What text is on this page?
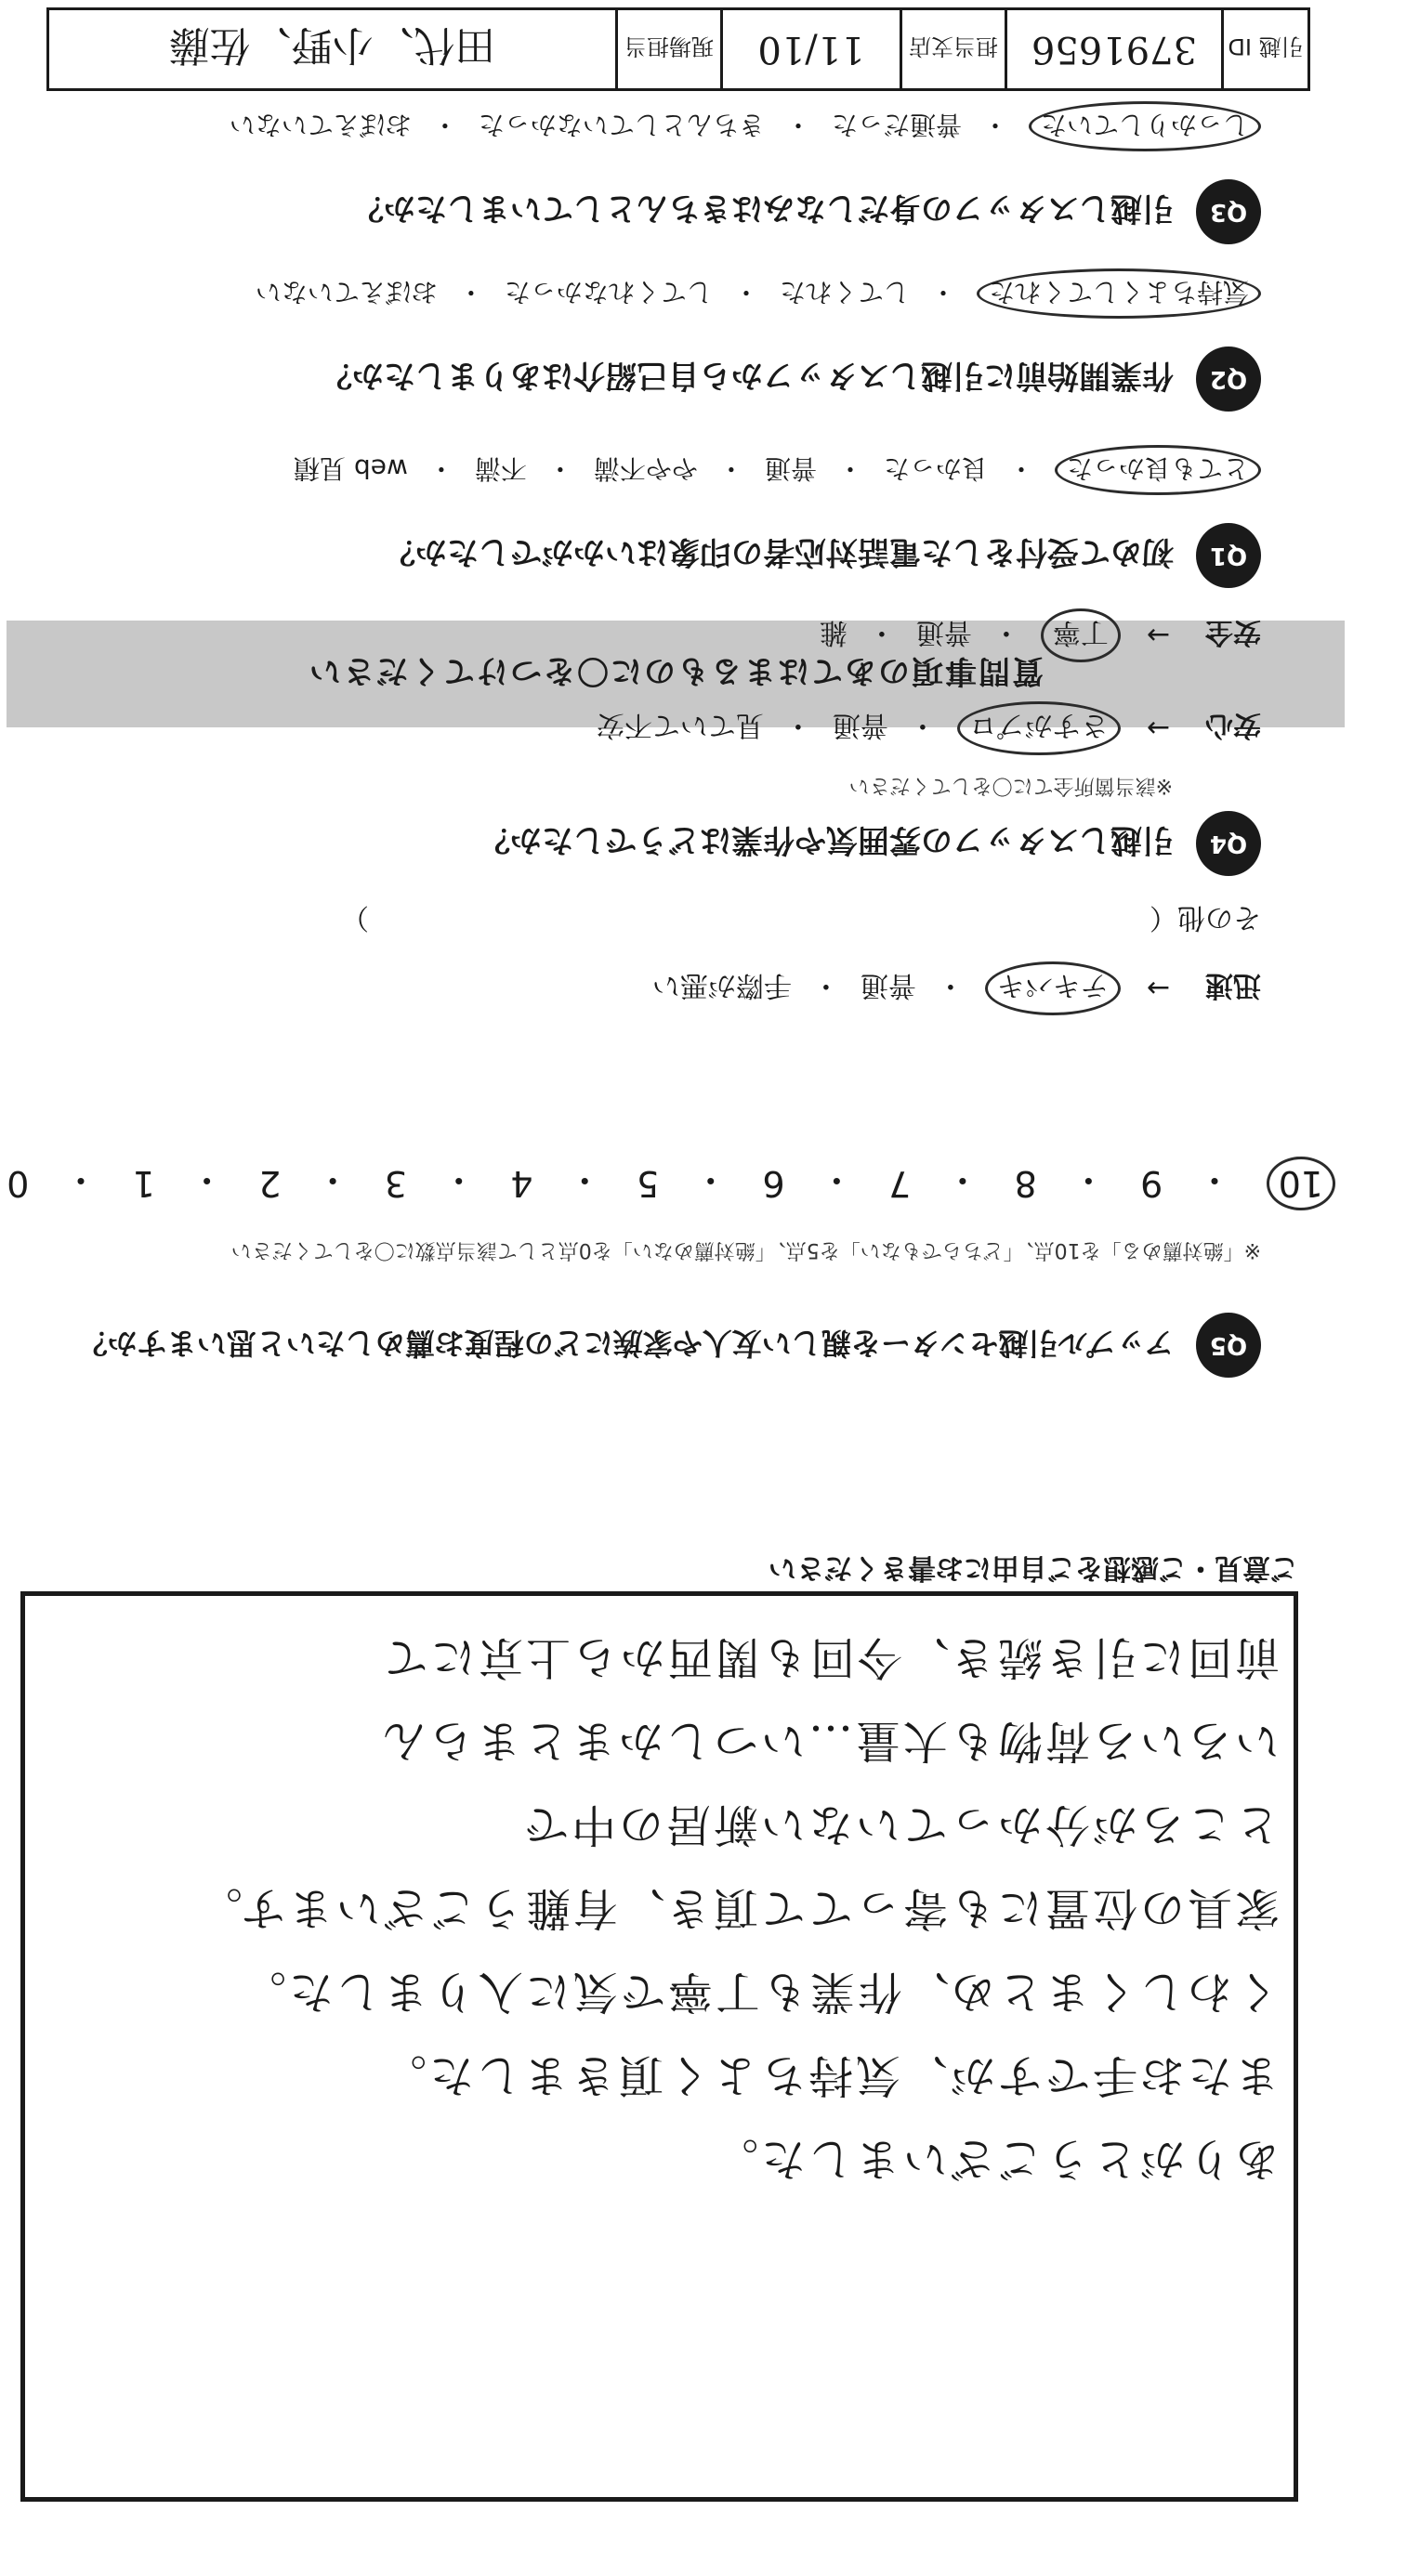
質問事項のあてはまるものに〇をつけてください
Q1
初めて受付をした電話対応者の印象はいかがでしたか？
とても良かった
・
良かった
・
普通
・
やや不満
・
不満
・
web 見積
Q2
作業開始前に引越しスタッフから自己紹介はありましたか？
気持ちよくしてくれた
・
してくれた
・
してくれなかった
・
おぼえていない
Q3
引越しスタッフの身だしなみはきちんとしていましたか？
しっかりしていた
・
普通だった
・
きちんとしていなかった
・
おぼえていない
Q4
引越しスタッフの雰囲気や作業はどうでしたか？
※該当箇所全てに〇をしてください
安心
→
さすがプロ
・
普通
・
見ていて不安
安全
→
丁寧
・
普通
・
雑
迅速
→
テキパキ
・
普通
・
手際が悪い
その他（　　　　　　　　　　　　　　　　　　　　　　　　　　　　）
Q5
アップル引越センターを親しい友人や家族にどの程度お薦めしたいと思いますか？
※「絶対薦める」を10点、「どちらでもない」を5点、「絶対薦めない」を0点として該当点数に〇をしてください
10
・
9
・
8
・
7
・
6
・
5
・
4
・
3
・
2
・
1
・
0
ご意見・ご感想をご自由にお書きください
前回に引き続き、今回も関西から上京にて
いろいろ荷物も大量…いつしかまとまらん
ところが分かっていない新居の中で
家具の位置にも寄ってて頂き、有難うございます。
くわしくまとめ、作業も丁寧で気に入りました。
またお手ですが、気持ちよく頂きました。
ありがとうございました。
引越 ID
3791656
担当支店
11/10
現場担当
田代、小野、佐藤
